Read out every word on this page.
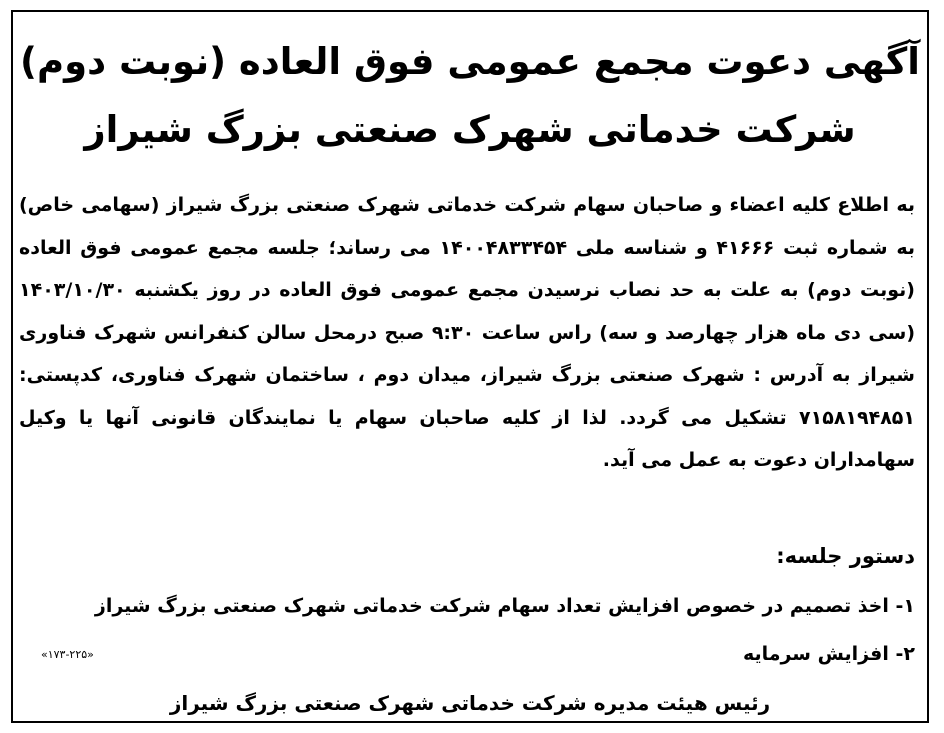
آگهی دعوت مجمع عمومی فوق العاده (نوبت دوم)
شرکت خدماتی شهرک صنعتی بزرگ شیراز
به اطلاع کلیه اعضاء و صاحبان سهام شرکت خدماتی شهرک صنعتی بزرگ شیراز (سهامی خاص) به شماره ثبت ۴۱۶۶۶ و شناسه ملی ۱۴۰۰۴۸۳۳۴۵۴ می رساند؛ جلسه مجمع عمومی فوق العاده (نوبت دوم) به علت به حد نصاب نرسیدن مجمع عمومی فوق العاده در روز یکشنبه ۱۴۰۳/۱۰/۳۰ (سی دی ماه هزار چهارصد و سه) راس ساعت ۹:۳۰ صبح درمحل سالن کنفرانس شهرک فناوری شیراز به آدرس : شهرک صنعتی بزرگ شیراز، میدان دوم ، ساختمان شهرک فناوری، کدپستی: ۷۱۵۸۱۹۴۸۵۱ تشکیل می گردد. لذا از کلیه صاحبان سهام یا نمایندگان قانونی آنها یا وکیل سهامداران دعوت به عمل می آید.
دستور جلسه:
۱- اخذ تصمیم در خصوص افزایش تعداد سهام شرکت خدماتی شهرک صنعتی بزرگ شیراز
۲- افزایش سرمایه
«۱۷۳-۲۲۵»
رئیس هیئت مدیره شرکت خدماتی شهرک صنعتی بزرگ شیراز
